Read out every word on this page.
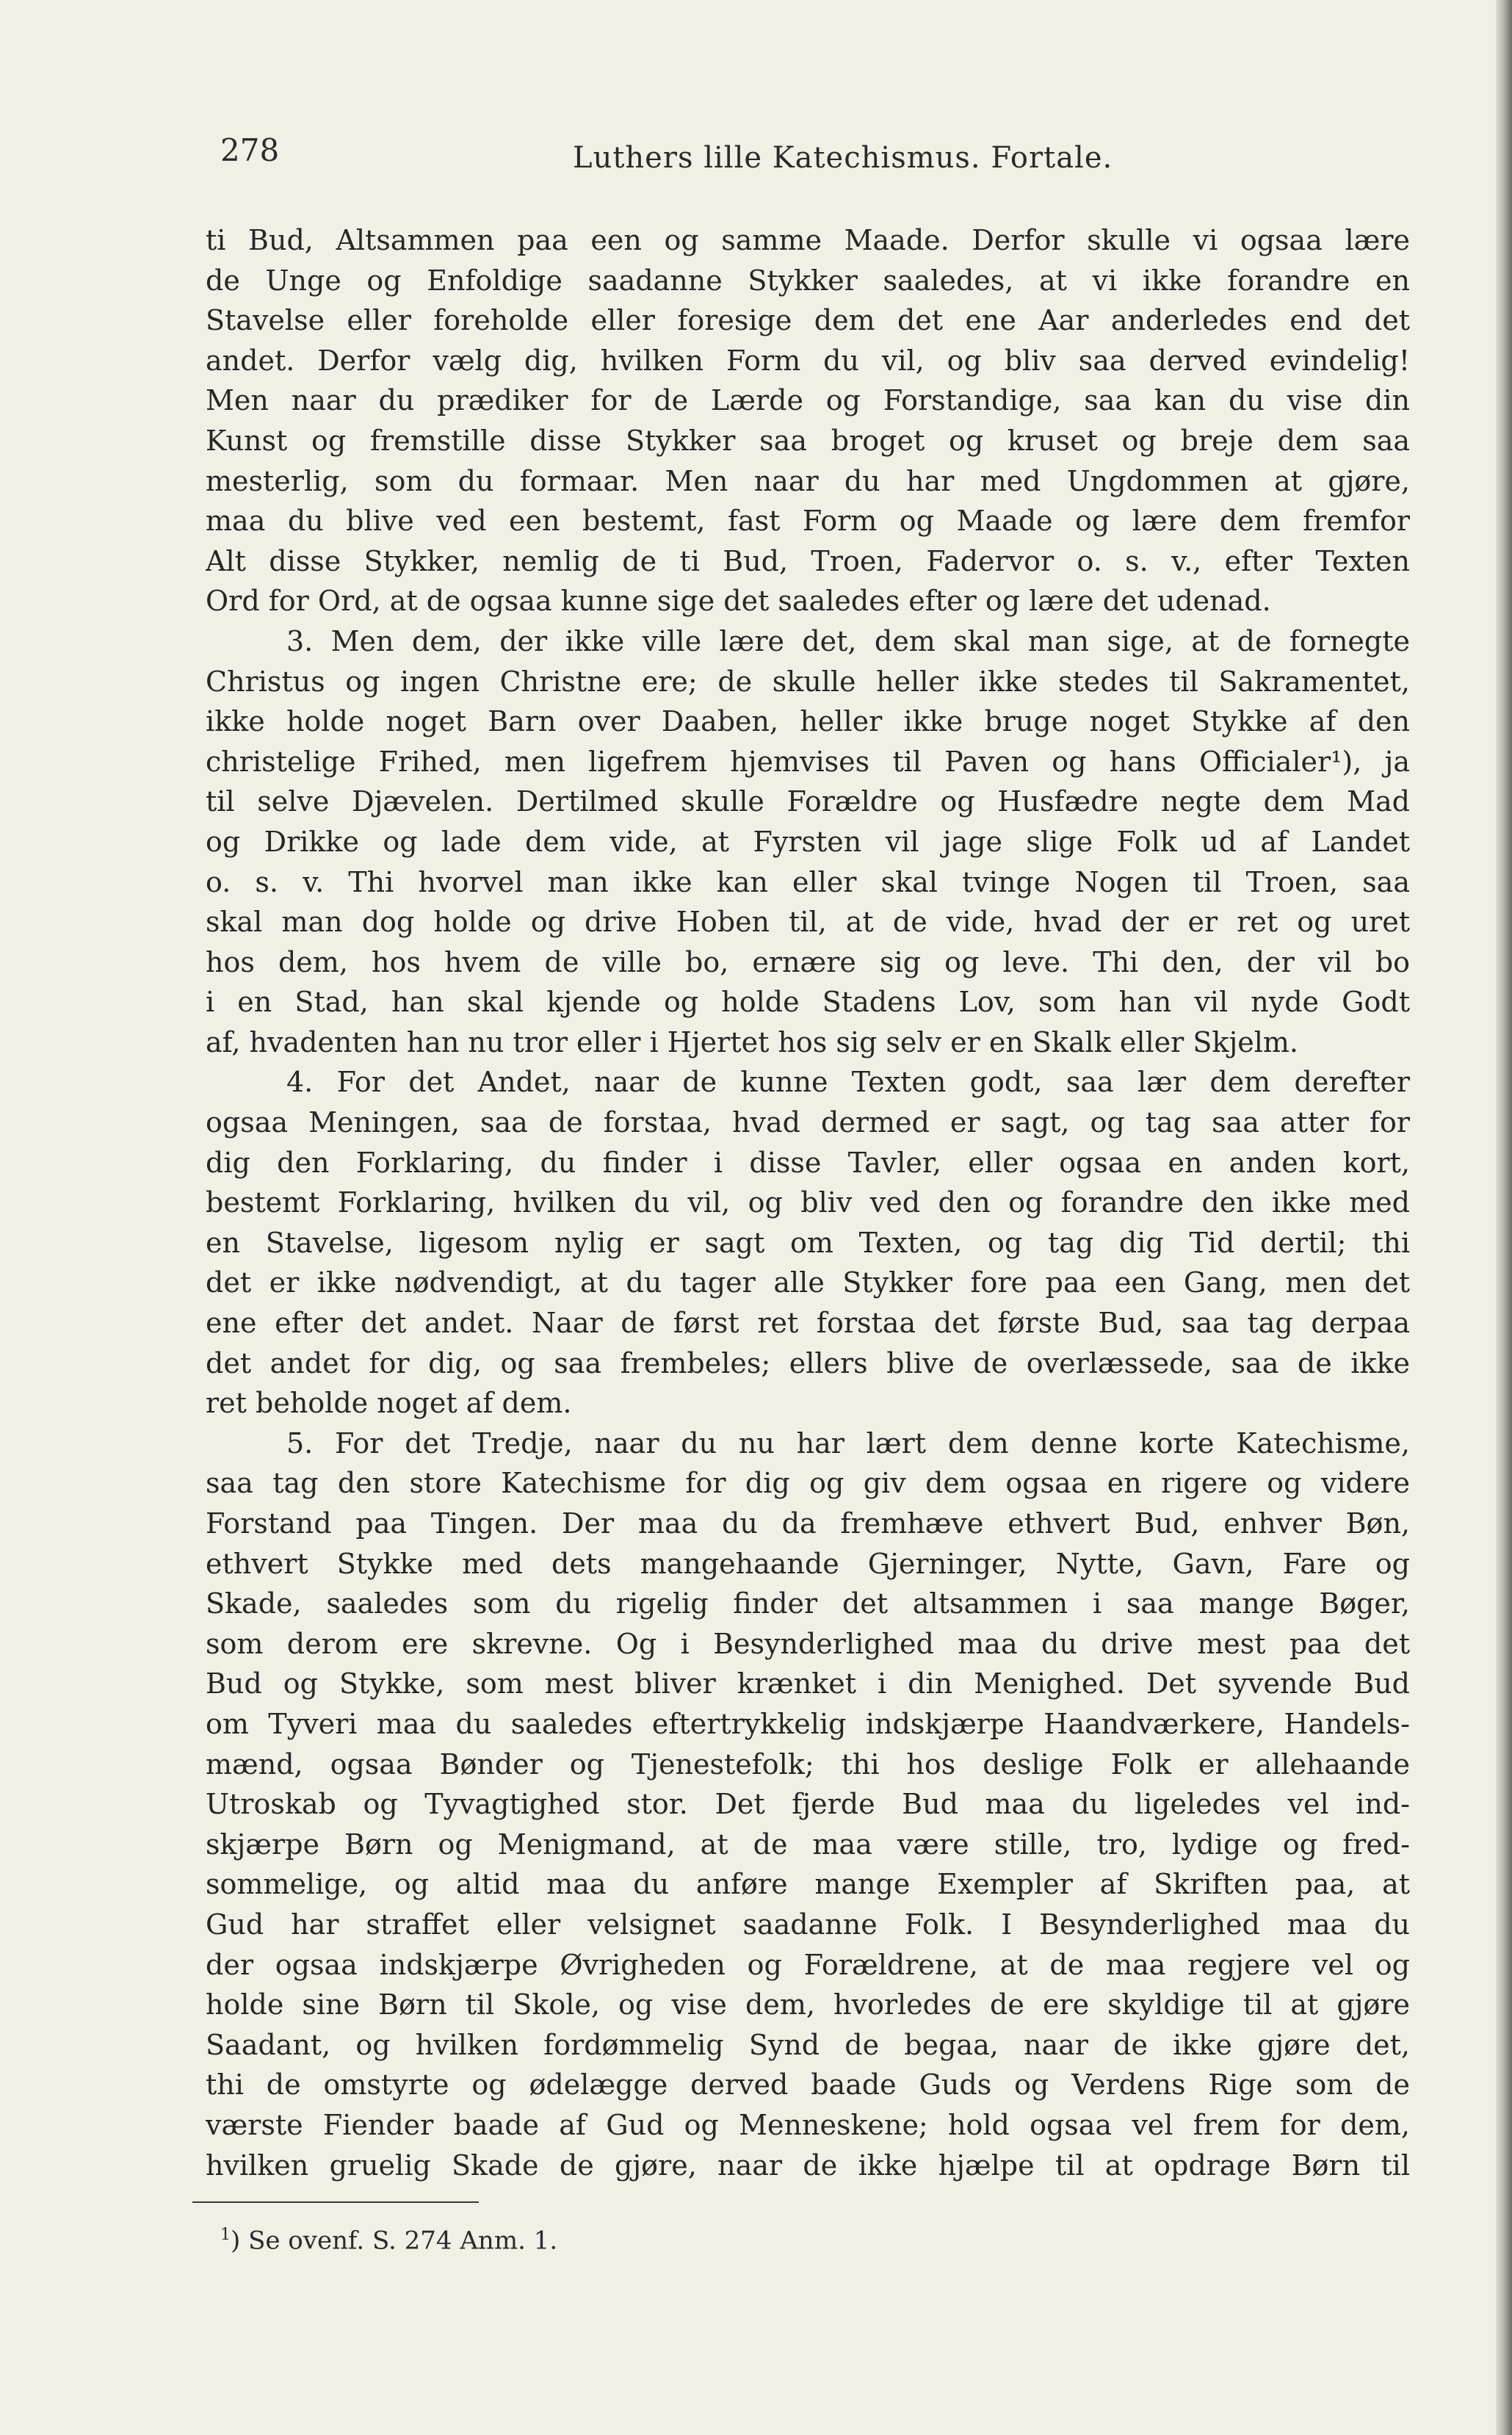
278	Luthers lille Katechismus. Fortale.
ti Bud, Altsammen paa een og samme Maade. Derfor skulle vi ogsaa lære
de Unge og Enfoldige saadanne Stykker saaledes, at vi ikke forandre en
Stavelse eller foreholde eller foresige dem det ene Aar anderledes end det
andet. Derfor vælg dig, hvilken Form du vil, og bliv saa derved evindelig!
Men naar du prædiker for de Lærde og Forstandige, saa kan du vise din
Kunst og fremstille disse Stykker saa broget og kruset og breje dem saa
mesterlig, som du formaar. Men naar du har med Ungdommen at gjøre,
maa du blive ved een bestemt, fast Form og Maade og lære dem fremfor
Alt disse Stykker, nemlig de ti Bud, Troen, Fadervor o. s. v., efter Texten
Ord for Ord, at de ogsaa kunne sige det saaledes efter og lære det udenad.
3. Men dem, der ikke ville lære det, dem skal man sige, at de fornegte
Christus og ingen Christne ere; de skulle heller ikke stedes til Sakramentet,
ikke holde noget Barn over Daaben, heller ikke bruge noget Stykke af den
christelige Frihed, men ligefrem hjemvises til Paven og hans Officialer¹), ja
til selve Djævelen. Dertilmed skulle Forældre og Husfædre negte dem Mad
og Drikke og lade dem vide, at Fyrsten vil jage slige Folk ud af Landet
o. s. v. Thi hvorvel man ikke kan eller skal tvinge Nogen til Troen, saa
skal man dog holde og drive Hoben til, at de vide, hvad der er ret og uret
hos dem, hos hvem de ville bo, ernære sig og leve. Thi den, der vil bo
i en Stad, han skal kjende og holde Stadens Lov, som han vil nyde Godt
af, hvadenten han nu tror eller i Hjertet hos sig selv er en Skalk eller Skjelm.
4. For det Andet, naar de kunne Texten godt, saa lær dem derefter
ogsaa Meningen, saa de forstaa, hvad dermed er sagt, og tag saa atter for
dig den Forklaring, du finder i disse Tavler, eller ogsaa en anden kort,
bestemt Forklaring, hvilken du vil, og bliv ved den og forandre den ikke med
en Stavelse, ligesom nylig er sagt om Texten, og tag dig Tid dertil; thi
det er ikke nødvendigt, at du tager alle Stykker fore paa een Gang, men det
ene efter det andet. Naar de først ret forstaa det første Bud, saa tag derpaa
det andet for dig, og saa frembeles; ellers blive de overlæssede, saa de ikke
ret beholde noget af dem.
5. For det Tredje, naar du nu har lært dem denne korte Katechisme,
saa tag den store Katechisme for dig og giv dem ogsaa en rigere og videre
Forstand paa Tingen. Der maa du da fremhæve ethvert Bud, enhver Bøn,
ethvert Stykke med dets mangehaande Gjerninger, Nytte, Gavn, Fare og
Skade, saaledes som du rigelig finder det altsammen i saa mange Bøger,
som derom ere skrevne. Og i Besynderlighed maa du drive mest paa det
Bud og Stykke, som mest bliver krænket i din Menighed. Det syvende Bud
om Tyveri maa du saaledes eftertrykkelig indskjærpe Haandværkere, Handels-
mænd, ogsaa Bønder og Tjenestefolk; thi hos deslige Folk er allehaande
Utroskab og Tyvagtighed stor. Det fjerde Bud maa du ligeledes vel ind-
skjærpe Børn og Menigmand, at de maa være stille, tro, lydige og fred-
sommelige, og altid maa du anføre mange Exempler af Skriften paa, at
Gud har straffet eller velsignet saadanne Folk. I Besynderlighed maa du
der ogsaa indskjærpe Øvrigheden og Forældrene, at de maa regjere vel og
holde sine Børn til Skole, og vise dem, hvorledes de ere skyldige til at gjøre
Saadant, og hvilken fordømmelig Synd de begaa, naar de ikke gjøre det,
thi de omstyrte og ødelægge derved baade Guds og Verdens Rige som de
værste Fiender baade af Gud og Menneskene; hold ogsaa vel frem for dem,
hvilken gruelig Skade de gjøre, naar de ikke hjælpe til at opdrage Børn til
$^1$) Se ovenf. S. 274 Anm. 1.
